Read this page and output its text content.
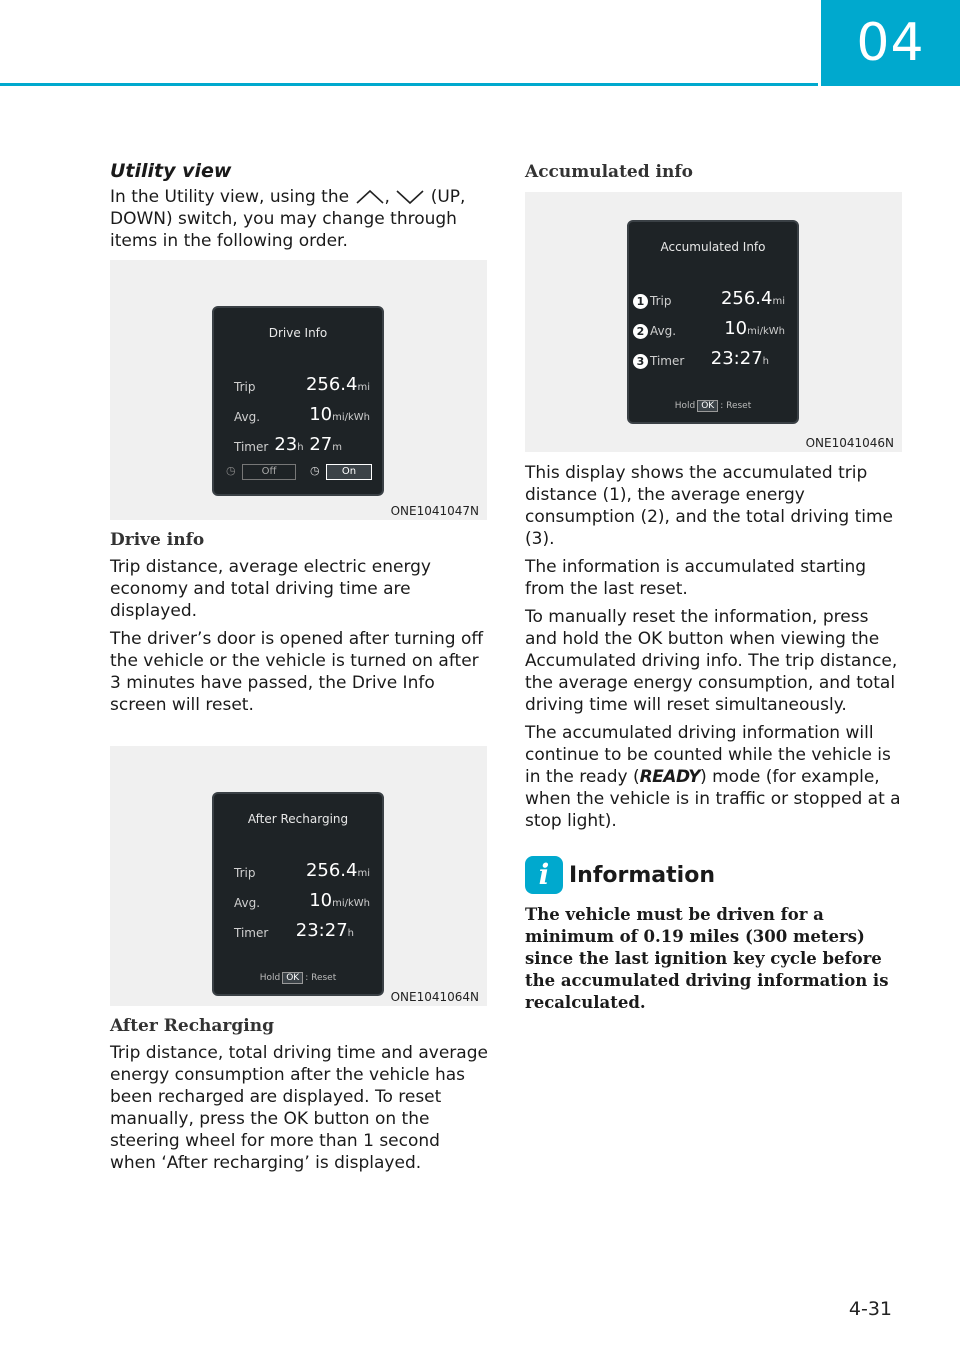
04
Utility view

In the Utility view, using the , (UP, DOWN) switch, you may change through items in the following order.

Drive Info
Trip	256.4mi
Avg.	10mi/kWh
Timer 23h 27m
◷	Off	◷	On
ONE1041047N
Drive info

Trip distance, average electric energy economy and total driving time are displayed.

The driver’s door is opened after turning off the vehicle or the vehicle is turned on after 3 minutes have passed, the Drive Info screen will reset.

After Recharging
Trip	256.4mi
Avg.	10mi/kWh
Timer 23:27h
Hold OK : Reset
ONE1041064N
After Recharging

Trip distance, total driving time and average energy consumption after the vehicle has been recharged are displayed. To reset manually, press the OK button on the steering wheel for more than 1 second when ‘After recharging’ is displayed.

Accumulated info
Accumulated Info
1 Trip	256.4mi
2 Avg.	10mi/kWh
3 Timer 23:27h
Hold OK : Reset
ONE1041046N

This display shows the accumulated trip distance (1), the average energy consumption (2), and the total driving time (3).

The information is accumulated starting from the last reset.

To manually reset the information, press and hold the OK button when viewing the Accumulated driving info. The trip distance, the average energy consumption, and total driving time will reset simultaneously.

The accumulated driving information will continue to be counted while the vehicle is in the ready (READY) mode (for example, when the vehicle is in traffic or stopped at a stop light).

i Information
The vehicle must be driven for a minimum of 0.19 miles (300 meters) since the last ignition key cycle before the accumulated driving information is recalculated.
4-31
